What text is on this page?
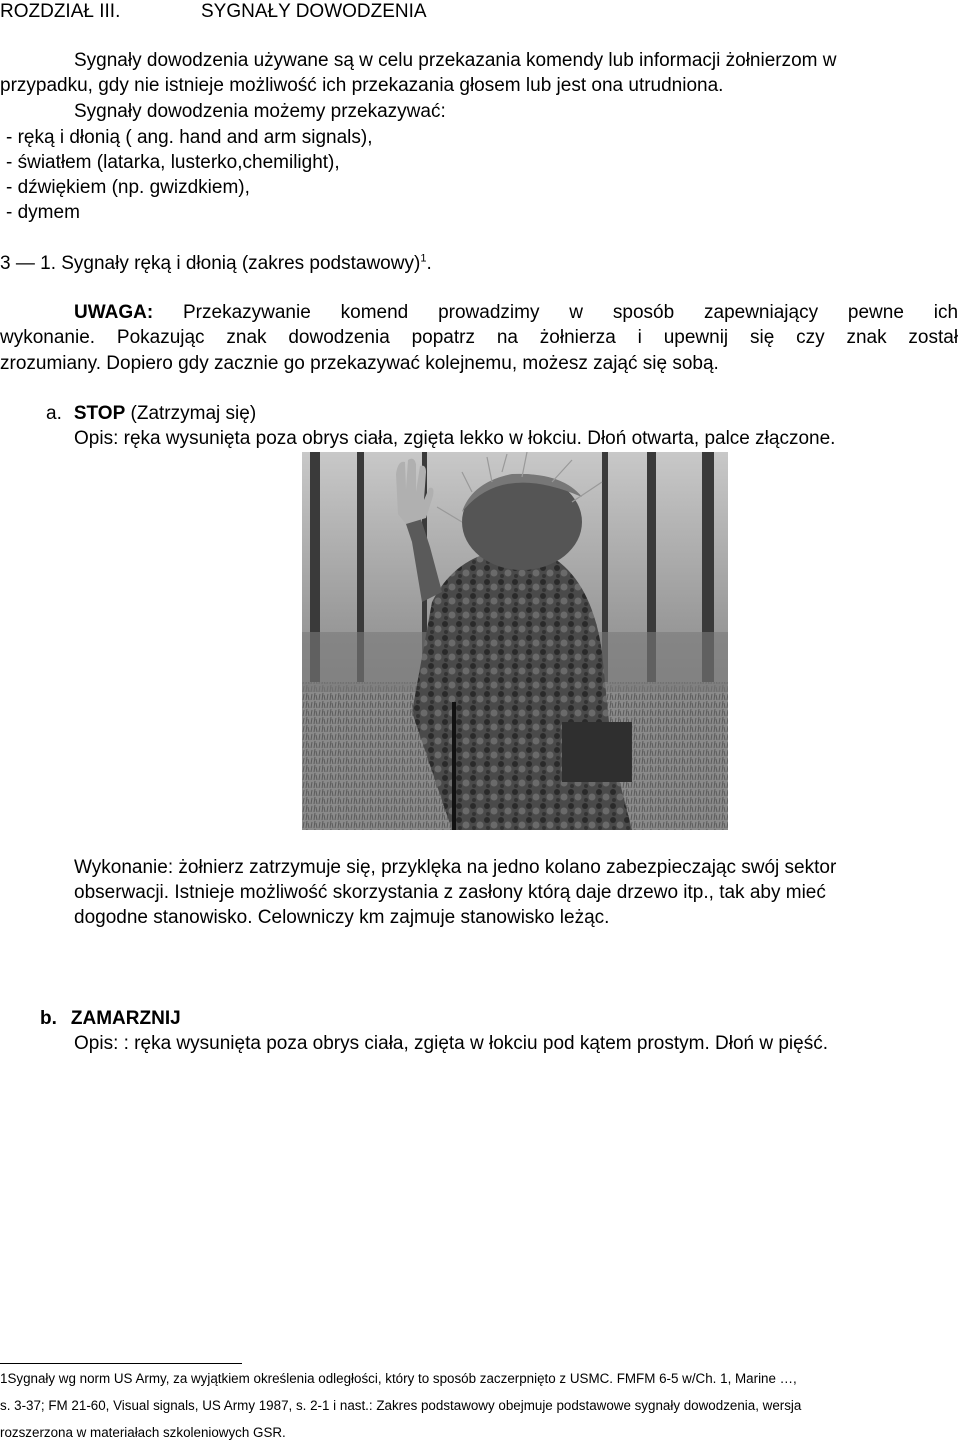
ROZDZIAŁ III.	SYGNAŁY DOWODZENIA
Sygnały dowodzenia używane są w celu przekazania komendy lub informacji żołnierzom w
przypadku, gdy nie istnieje możliwość ich przekazania głosem lub jest ona utrudniona.
Sygnały dowodzenia możemy przekazywać:
- ręką i dłonią ( ang. hand and arm signals),
- światłem (latarka, lusterko,chemilight),
- dźwiękiem (np. gwizdkiem),
- dymem
3 — 1. Sygnały ręką i dłonią (zakres podstawowy)$^1$.
UWAGA: Przekazywanie komend prowadzimy w sposób zapewniający pewne ich
wykonanie. Pokazując znak dowodzenia popatrz na żołnierza i upewnij się czy znak został
zrozumiany. Dopiero gdy zacznie go przekazywać kolejnemu, możesz zająć się sobą.
a. STOP (Zatrzymaj się)
Opis: ręka wysunięta poza obrys ciała, zgięta lekko w łokciu. Dłoń otwarta, palce złączone.
Wykonanie: żołnierz zatrzymuje się, przyklęka na jedno kolano zabezpieczając swój sektor
obserwacji. Istnieje możliwość skorzystania z zasłony którą daje drzewo itp., tak aby mieć
dogodne stanowisko. Celowniczy km zajmuje stanowisko leżąc.
b. ZAMARZNIJ
Opis: : ręka wysunięta poza obrys ciała, zgięta w łokciu pod kątem prostym. Dłoń w pięść.
1Sygnały wg norm US Army, za wyjątkiem określenia odległości, który to sposób zaczerpnięto z USMC. FMFM 6-5 w/Ch. 1, Marine …,
s. 3-37; FM 21-60, Visual signals, US Army 1987, s. 2-1 i nast.: Zakres podstawowy obejmuje podstawowe sygnały dowodzenia, wersja
rozszerzona w materiałach szkoleniowych GSR.
